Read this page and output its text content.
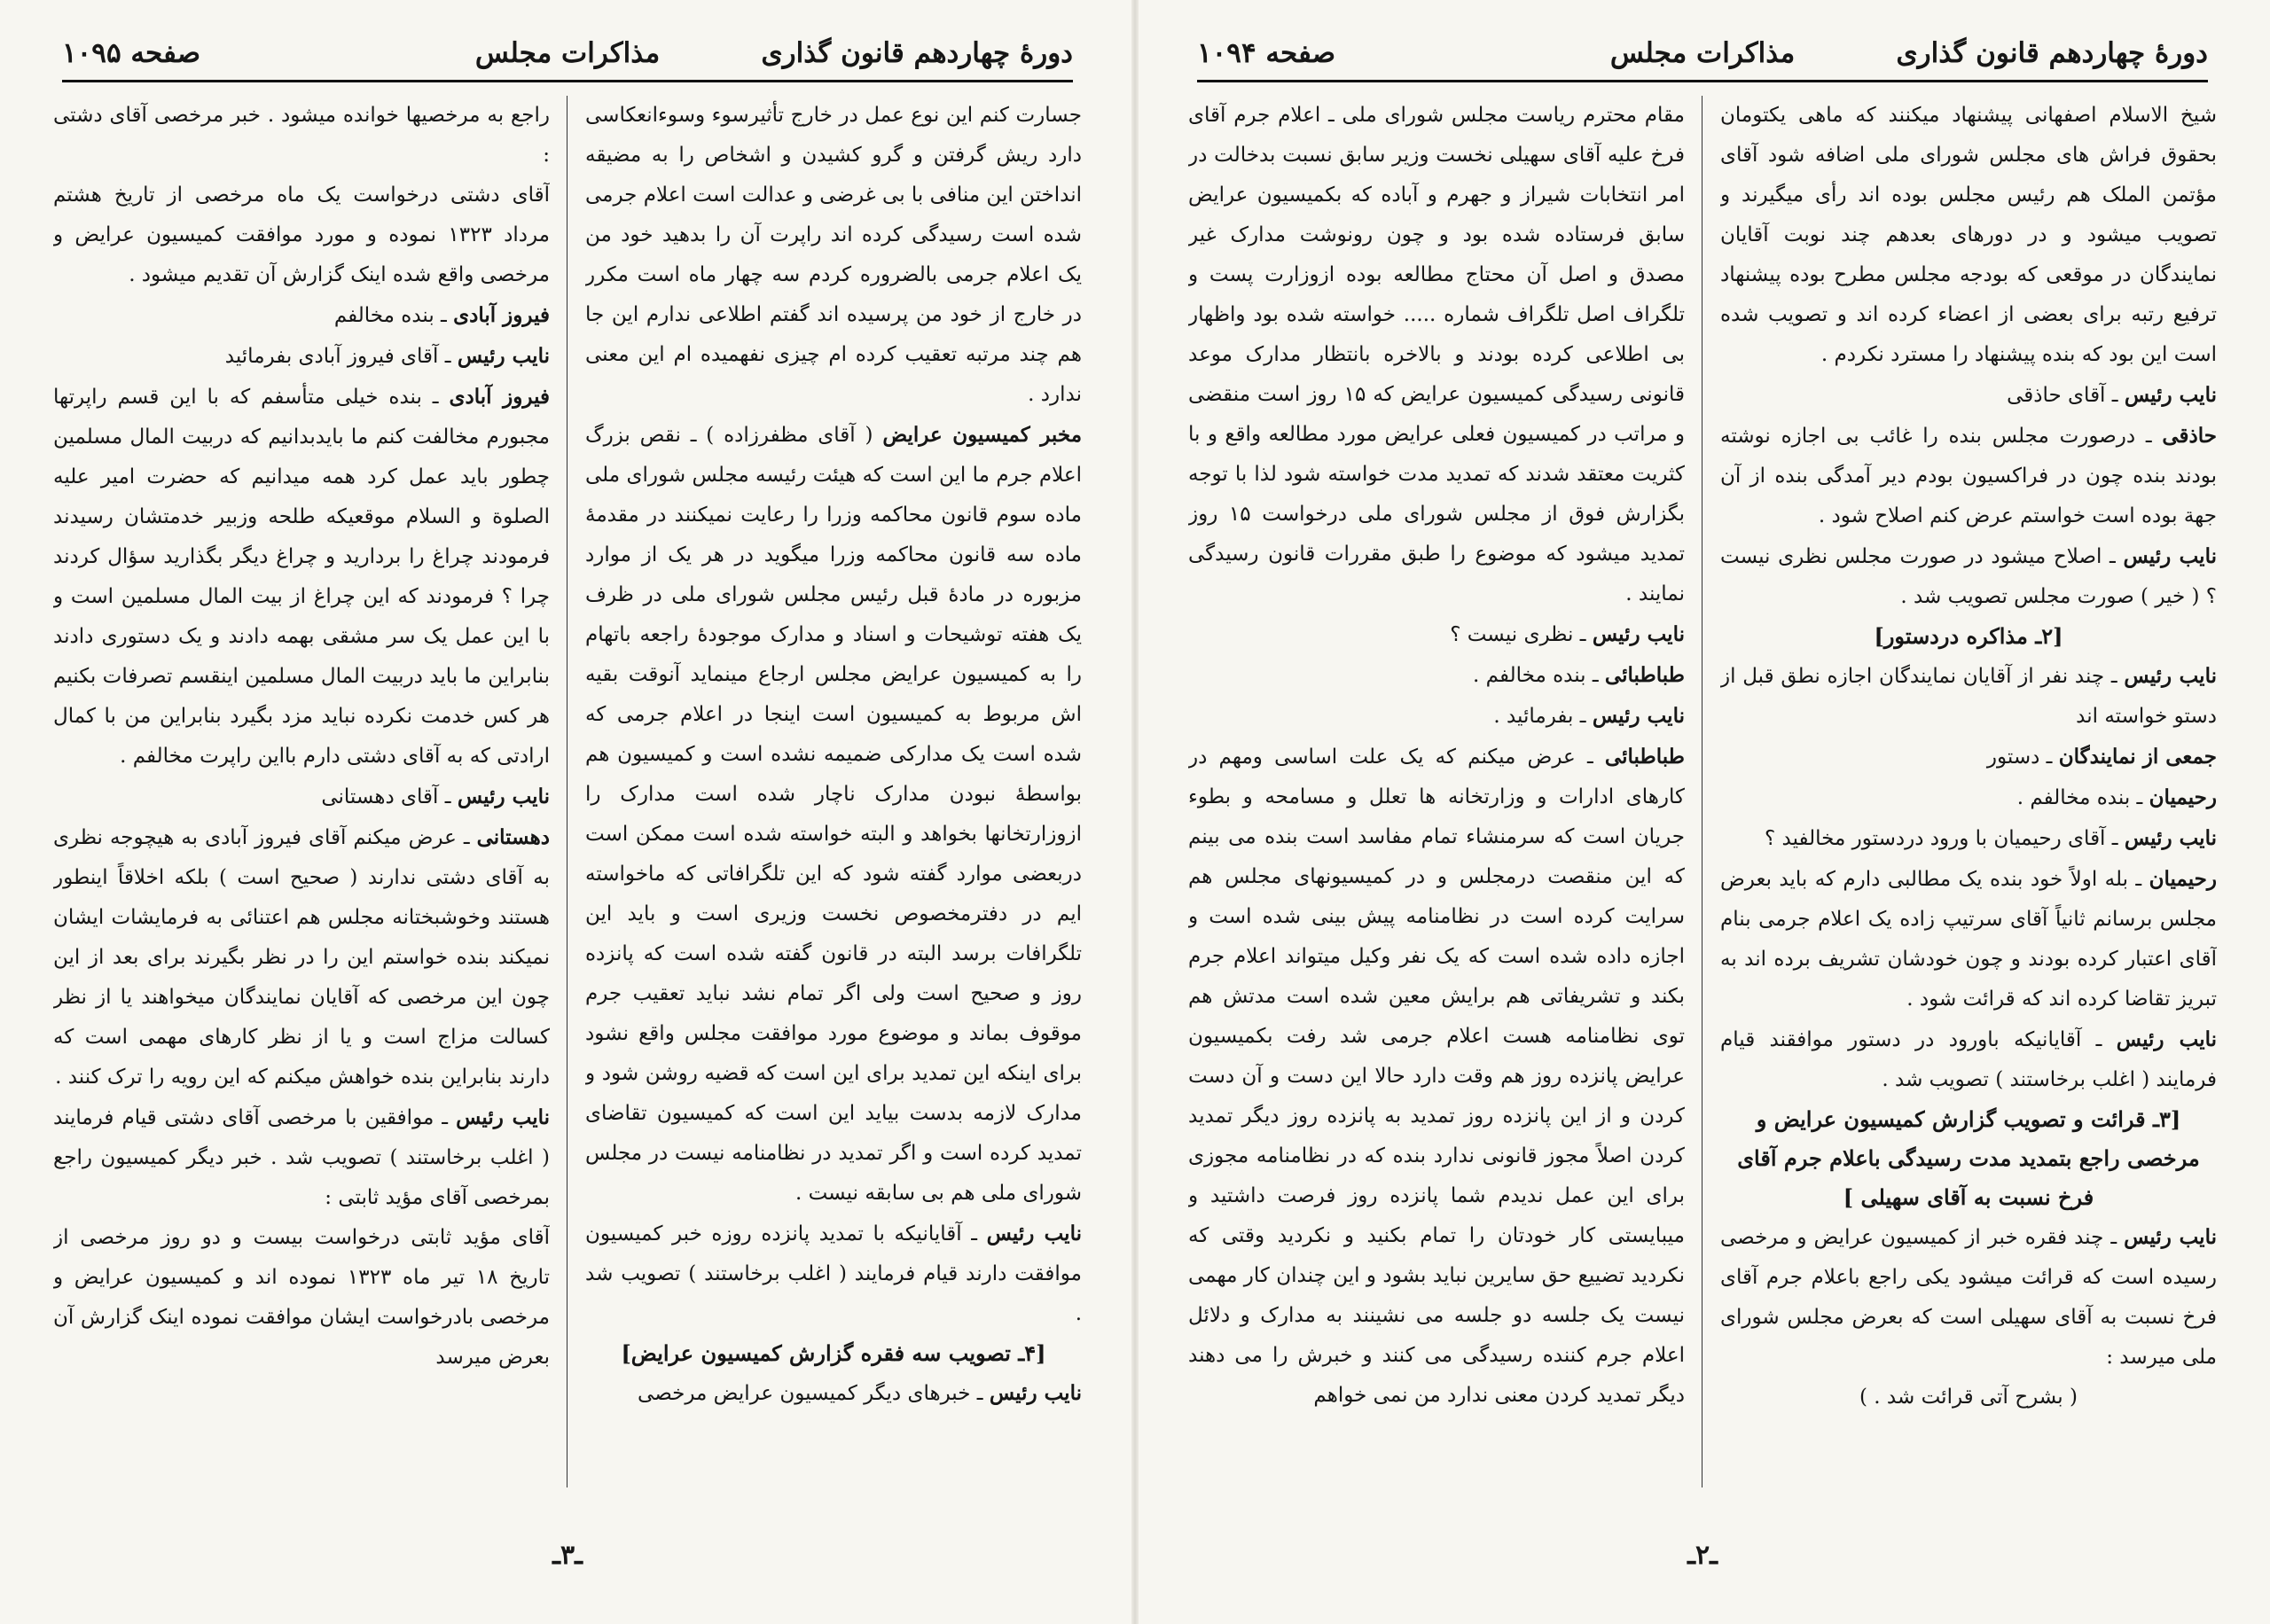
دورهٔ چهاردهم قانون گذاری
مذاکرات مجلس
صفحه ۱۰۹۵

جسارت کنم این نوع عمل در خارج تأثیرسوء وسوءانعکاسی دارد ریش گرفتن و گرو کشیدن و اشخاص را به مضیقه انداختن این منافی با بی غرضی و عدالت است اعلام جرمی شده است رسیدگی کرده اند راپرت آن را بدهید خود من یک اعلام جرمی بالضروره کردم سه چهار ماه است مکرر در خارج از خود من پرسیده اند گفتم اطلاعی ندارم این جا هم چند مرتبه تعقیب کرده ام چیزی نفهمیده ام این معنی ندارد .

مخبر کمیسیون عرایض ( آقای مظفرزاده ) ـ نقص بزرگ اعلام جرم ما این است که هیئت رئیسه مجلس شورای ملی ماده سوم قانون محاکمه وزرا را رعایت نمیکنند در مقدمهٔ ماده سه قانون محاکمه وزرا میگوید در هر یک از موارد مزبوره در مادهٔ قبل رئیس مجلس شورای ملی در ظرف یک هفته توشیحات و اسناد و مدارک موجودهٔ راجعه باتهام را به کمیسیون عرایض مجلس ارجاع مینماید آنوقت بقیه اش مربوط به کمیسیون است اینجا در اعلام جرمی که شده است یک مدارکی ضمیمه نشده است و کمیسیون هم بواسطهٔ نبودن مدارک ناچار شده است مدارک را ازوزارتخانها بخواهد و البته خواسته شده است ممکن است دربعضی موارد گفته شود که این تلگرافاتی که ماخواسته ایم در دفترمخصوص نخست وزیری است و باید این تلگرافات برسد البته در قانون گفته شده است که پانزده روز و صحیح است ولی اگر تمام نشد نباید تعقیب جرم موقوف بماند و موضوع مورد موافقت مجلس واقع نشود برای اینکه این تمدید برای این است که قضیه روشن شود و مدارک لازمه بدست بیاید این است که کمیسیون تقاضای تمدید کرده است و اگر تمدید در نظامنامه نیست در مجلس شورای ملی هم بی سابقه نیست .

نایب رئیس ـ آقایانیکه با تمدید پانزده روزه خبر کمیسیون موافقت دارند قیام فرمایند ( اغلب برخاستند ) تصویب شد .

[۴ـ تصویب سه فقره گزارش کمیسیون عرایض]

نایب رئیس ـ خبرهای دیگر کمیسیون عرایض مرخصی

راجع به مرخصیها خوانده میشود . خبر مرخصی آقای دشتی :

آقای دشتی درخواست یک ماه مرخصی از تاریخ هشتم مرداد ۱۳۲۳ نموده و مورد موافقت کمیسیون عرایض و مرخصی واقع شده اینک گزارش آن تقدیم میشود .

فیروز آبادی ـ بنده مخالفم

نایب رئیس ـ آقای فیروز آبادی بفرمائید

فیروز آبادی ـ بنده خیلی متأسفم که با این قسم راپرتها مجبورم مخالفت کنم ما بایدبدانیم که دربیت المال مسلمین چطور باید عمل کرد همه میدانیم که حضرت امیر علیه الصلوة و السلام موقعیکه طلحه وزبیر خدمتشان رسیدند فرمودند چراغ را بردارید و چراغ دیگر بگذارید سؤال کردند چرا ؟ فرمودند که این چراغ از بیت المال مسلمین است و با این عمل یک سر مشقی بهمه دادند و یک دستوری دادند بنابراین ما باید دربیت المال مسلمین اینقسم تصرفات بکنیم هر کس خدمت نکرده نباید مزد بگیرد بنابراین من با کمال ارادتی که به آقای دشتی دارم بااین راپرت مخالفم .

نایب رئیس ـ آقای دهستانی

دهستانی ـ عرض میکنم آقای فیروز آبادی به هیچوجه نظری به آقای دشتی ندارند ( صحیح است ) بلکه اخلاقاً اینطور هستند وخوشبختانه مجلس هم اعتنائی به فرمایشات ایشان نمیکند بنده خواستم این را در نظر بگیرند برای بعد از این چون این مرخصی که آقایان نمایندگان میخواهند یا از نظر کسالت مزاج است و یا از نظر کارهای مهمی است که دارند بنابراین بنده خواهش میکنم که این رویه را ترک کنند .

نایب رئیس ـ موافقین با مرخصی آقای دشتی قیام فرمایند ( اغلب برخاستند ) تصویب شد . خبر دیگر کمیسیون راجع بمرخصی آقای مؤید ثابتی :

آقای مؤید ثابتی درخواست بیست و دو روز مرخصی از تاریخ ۱۸ تیر ماه ۱۳۲۳ نموده اند و کمیسیون عرایض و مرخصی بادرخواست ایشان موافقت نموده اینک گزارش آن بعرض میرسد

ـ۳ـ
دورهٔ چهاردهم قانون گذاری
مذاکرات مجلس
صفحه ۱۰۹۴

شیخ الاسلام اصفهانی پیشنهاد میکنند که ماهی یکتومان بحقوق فراش های مجلس شورای ملی اضافه شود آقای مؤتمن الملک هم رئیس مجلس بوده اند رأی میگیرند و تصویب میشود و در دورهای بعدهم چند نوبت آقایان نمایندگان در موقعی که بودجه مجلس مطرح بوده پیشنهاد ترفیع رتبه برای بعضی از اعضاء کرده اند و تصویب شده است این بود که بنده پیشنهاد را مسترد نکردم .

نایب رئیس ـ آقای حاذقی

حاذقی ـ درصورت مجلس بنده را غائب بی اجازه نوشته بودند بنده چون در فراکسیون بودم دیر آمدگی بنده از آن جهة بوده است خواستم عرض کنم اصلاح شود .

نایب رئیس ـ اصلاح میشود در صورت مجلس نظری نیست ؟ ( خیر ) صورت مجلس تصویب شد .

[۲ـ مذاکره دردستور]

نایب رئیس ـ چند نفر از آقایان نمایندگان اجازه نطق قبل از دستو خواسته اند

جمعی از نمایندگان ـ دستور

رحیمیان ـ بنده مخالفم .

نایب رئیس ـ آقای رحیمیان با ورود دردستور مخالفید ؟

رحیمیان ـ بله اولاً خود بنده یک مطالبی دارم که باید بعرض مجلس برسانم ثانیاً آقای سرتیپ زاده یک اعلام جرمی بنام آقای اعتبار کرده بودند و چون خودشان تشریف برده اند به تبریز تقاضا کرده اند که قرائت شود .

نایب رئیس ـ آقایانیکه باورود در دستور موافقند قیام فرمایند ( اغلب برخاستند ) تصویب شد .

[۳ـ قرائت و تصویب گزارش کمیسیون عرایض و مرخصی راجع بتمدید مدت رسیدگی باعلام جرم آقای فرخ نسبت به آقای سهیلی ]

نایب رئیس ـ چند فقره خبر از کمیسیون عرایض و مرخصی رسیده است که قرائت میشود یکی راجع باعلام جرم آقای فرخ نسبت به آقای سهیلی است که بعرض مجلس شورای ملی میرسد :

( بشرح آتی قرائت شد . )

مقام محترم ریاست مجلس شورای ملی ـ اعلام جرم آقای فرخ علیه آقای سهیلی نخست وزیر سابق نسبت بدخالت در امر انتخابات شیراز و جهرم و آباده که بکمیسیون عرایض سابق فرستاده شده بود و چون رونوشت مدارک غیر مصدق و اصل آن محتاج مطالعه بوده ازوزارت پست و تلگراف اصل تلگراف شماره ..... خواسته شده بود واظهار بی اطلاعی کرده بودند و بالاخره بانتظار مدارک موعد قانونی رسیدگی کمیسیون عرایض که ۱۵ روز است منقضی و مراتب در کمیسیون فعلی عرایض مورد مطالعه واقع و با کثریت معتقد شدند که تمدید مدت خواسته شود لذا با توجه بگزارش فوق از مجلس شورای ملی درخواست ۱۵ روز تمدید میشود که موضوع را طبق مقررات قانون رسیدگی نمایند .

نایب رئیس ـ نظری نیست ؟

طباطبائی ـ بنده مخالفم .

نایب رئیس ـ بفرمائید .

طباطبائی ـ عرض میکنم که یک علت اساسی ومهم در کارهای ادارات و وزارتخانه ها تعلل و مسامحه و بطوء جریان است که سرمنشاء تمام مفاسد است بنده می بینم که این منقصت درمجلس و در کمیسیونهای مجلس هم سرایت کرده است در نظامنامه پیش بینی شده است و اجازه داده شده است که یک نفر وکیل میتواند اعلام جرم بکند و تشریفاتی هم برایش معین شده است مدتش هم توی نظامنامه هست اعلام جرمی شد رفت بکمیسیون عرایض پانزده روز هم وقت دارد حالا این دست و آن دست کردن و از این پانزده روز تمدید به پانزده روز دیگر تمدید کردن اصلاً مجوز قانونی ندارد بنده که در نظامنامه مجوزی برای این عمل ندیدم شما پانزده روز فرصت داشتید و میبایستی کار خودتان را تمام بکنید و نکردید وقتی که نکردید تضییع حق سایرین نباید بشود و این چندان کار مهمی نیست یک جلسه دو جلسه می نشینند به مدارک و دلائل اعلام جرم کننده رسیدگی می کنند و خبرش را می دهند دیگر تمدید کردن معنی ندارد من نمی خواهم

ـ۲ـ
